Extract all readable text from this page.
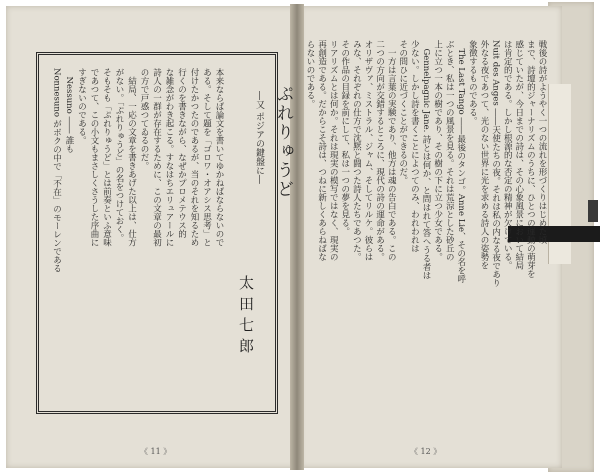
ぷれりゅうど
―又 ポジアの鍵盤に―
太田七郎
本来ならば論文を書いてゆかねばならないので
ある。そして題を「ゴロワ・オアシス思考」と
付けたかつたのであるが、当のそれを知るため
行くのを書きながら、なぜかプロメテウス的
な雑念がわき起こる。すなはちエリュアールに
詩人の一群が存在するために、この文章の最初
の方で戸惑つてゐるのだ。
　結局、一応の文章を書きあげた以上は、仕方
がない。「ぷれりゅうど」の名をつけておく。
そもそも「ぷれりゅうど」とは前奏といふ意味
であつて、この小文もまさしくさうした序曲に
すぎないのである。
　Nessuno ―― 誰も
Nonnesuno がボクの中で「不在」のモーレンである
《 11 》
戦後の詩がようやく一つの流れを形づくりはじめた頃
まで、詩壇的ジャーナリズムのうちに、ひとつの運動の萌芽を
感じていたが、今日までの詩は、その心象風景において結局
は肯定的である。しかし根源的な否定の精神が欠けている。
Nuit des Anges ――天使たちの夜。それは私の内なる夜であり
外なる夜であつて、光のない世界に光を求める詩人の姿勢を
象徴するものである。
　The Last Tango ――最後のタンゴ。Anne Lie、その名を呼
ぶとき、私は一つの風景を見る。それは荒涼とした砂丘の
上に立つ一本の樹であり、その樹の下に立つ少女である。
　Gennelpagnic Jane. 詩とは何か、と問はれて答へうる者は
少ない。しかし詩を書くことによつてのみ、われわれは
その問ひに近づくことができるのだ。
　一方は言葉の実験であり、他方は魂の告白である。この
二つの方向が交錯するところに、現代の詩の運命がある。
オリザヴァ、ミストラル、ジャム、そしてリルケ。彼らは
みな、それぞれの仕方で沈黙と闘つた詩人たちであつた。
その作品の目録を前にして、私は一つの夢を見る。
リアリズムとは何か。それは現実の模写ではなく、現実の
再創造である。だからこそ詩は、つねに新しくあらねばな
らないのである。
《 12 》
